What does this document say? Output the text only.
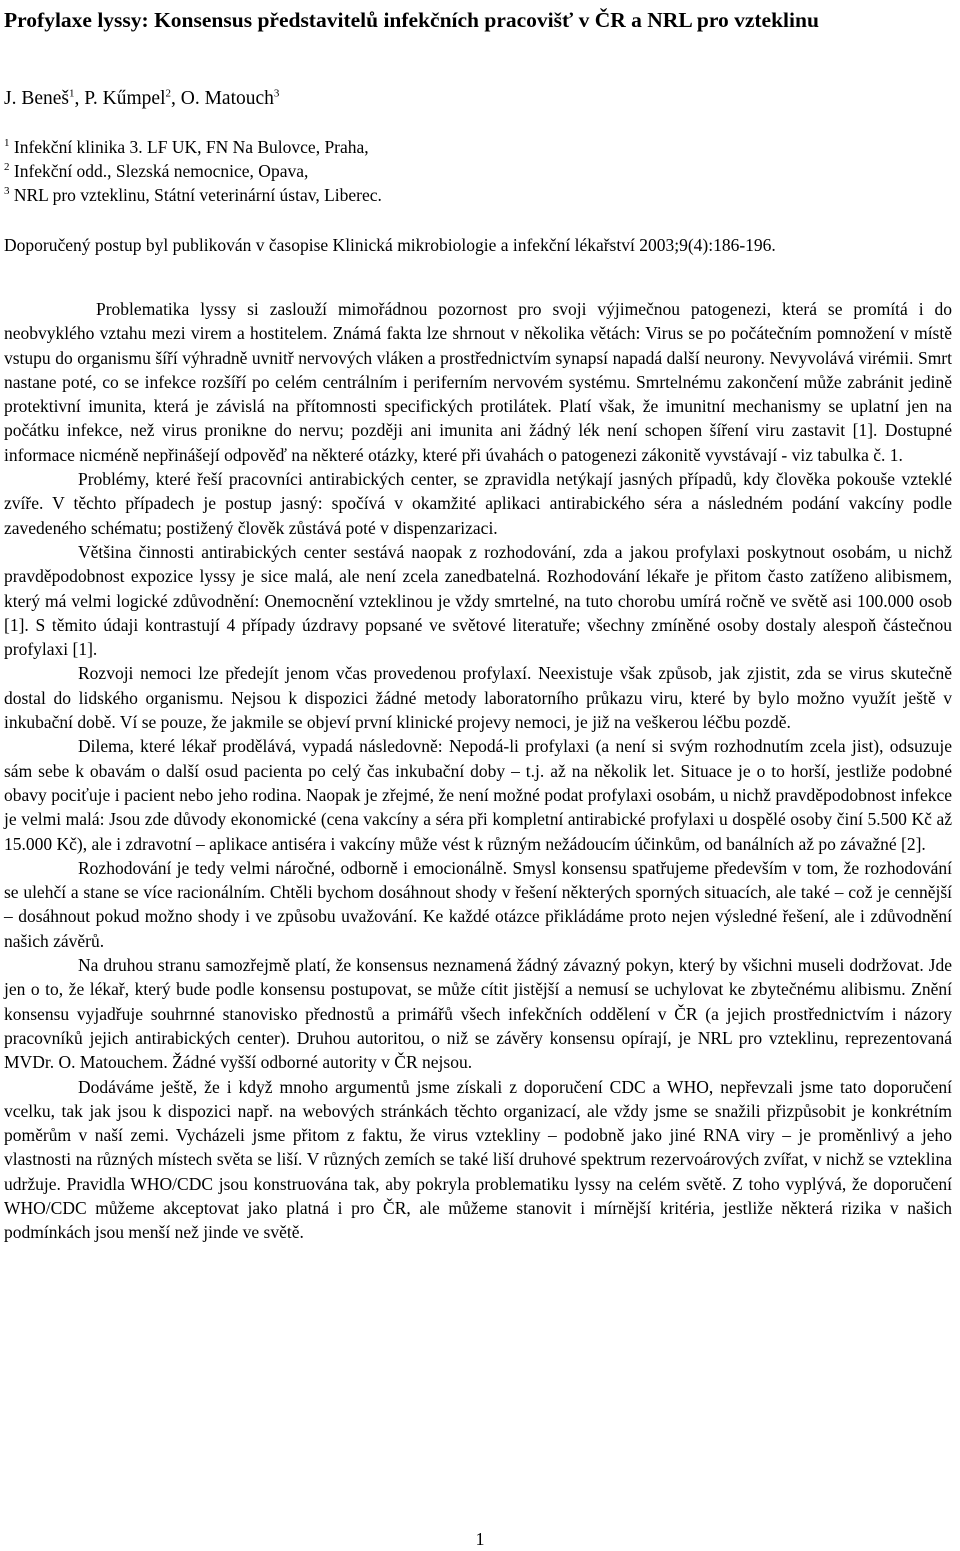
Profylaxe lyssy: Konsensus představitelů infekčních pracovišť v ČR a NRL pro vzteklinu
J. Beneš$^1$, P. Kűmpel$^2$, O. Matouch$^3$
$^1$ Infekční klinika 3. LF UK, FN Na Bulovce, Praha,
$^2$ Infekční odd., Slezská nemocnice, Opava,
$^3$ NRL pro vzteklinu, Státní veterinární ústav, Liberec.
Doporučený postup byl publikován v časopise Klinická mikrobiologie a infekční lékařství 2003;9(4):186-196.

Problematika lyssy si zaslouží mimořádnou pozornost pro svoji výjimečnou patogenezi, která se promítá i do neobvyklého vztahu mezi virem a hostitelem. Známá fakta lze shrnout v několika větách: Virus se po počátečním pomnožení v místě vstupu do organismu šíří výhradně uvnitř nervových vláken a prostřednictvím synapsí napadá další neurony. Nevyvolává virémii. Smrt nastane poté, co se infekce rozšíří po celém centrálním i periferním nervovém systému. Smrtelnému zakončení může zabránit jedině protektivní imunita, která je závislá na přítomnosti specifických protilátek. Platí však, že imunitní mechanismy se uplatní jen na počátku infekce, než virus pronikne do nervu; později ani imunita ani žádný lék není schopen šíření viru zastavit [1]. Dostupné informace nicméně nepřinášejí odpověď na některé otázky, které při úvahách o patogenezi zákonitě vyvstávají - viz tabulka č. 1.

Problémy, které řeší pracovníci antirabických center, se zpravidla netýkají jasných případů, kdy člověka pokouše vzteklé zvíře. V těchto případech je postup jasný: spočívá v okamžité aplikaci antirabického séra a následném podání vakcíny podle zavedeného schématu; postižený člověk zůstává poté v dispenzarizaci.

Většina činnosti antirabických center sestává naopak z rozhodování, zda a jakou profylaxi poskytnout osobám, u nichž pravděpodobnost expozice lyssy je sice malá, ale není zcela zanedbatelná. Rozhodování lékaře je přitom často zatíženo alibismem, který má velmi logické zdůvodnění: Onemocnění vzteklinou je vždy smrtelné, na tuto chorobu umírá ročně ve světě asi 100.000 osob [1]. S těmito údaji kontrastují 4 případy úzdravy popsané ve světové literatuře; všechny zmíněné osoby dostaly alespoň částečnou profylaxi [1].

Rozvoji nemoci lze předejít jenom včas provedenou profylaxí. Neexistuje však způsob, jak zjistit, zda se virus skutečně dostal do lidského organismu. Nejsou k dispozici žádné metody laboratorního průkazu viru, které by bylo možno využít ještě v inkubační době. Ví se pouze, že jakmile se objeví první klinické projevy nemoci, je již na veškerou léčbu pozdě.

Dilema, které lékař prodělává, vypadá následovně: Nepodá-li profylaxi (a není si svým rozhodnutím zcela jist), odsuzuje sám sebe k obavám o další osud pacienta po celý čas inkubační doby – t.j. až na několik let. Situace je o to horší, jestliže podobné obavy pociťuje i pacient nebo jeho rodina. Naopak je zřejmé, že není možné podat profylaxi osobám, u nichž pravděpodobnost infekce je velmi malá: Jsou zde důvody ekonomické (cena vakcíny a séra při kompletní antirabické profylaxi u dospělé osoby činí 5.500 Kč až 15.000 Kč), ale i zdravotní – aplikace antiséra i vakcíny může vést k různým nežádoucím účinkům, od banálních až po závažné [2].

Rozhodování je tedy velmi náročné, odborně i emocionálně. Smysl konsensu spatřujeme především v tom, že rozhodování se ulehčí a stane se více racionálním. Chtěli bychom dosáhnout shody v řešení některých sporných situacích, ale také – což je cennější – dosáhnout pokud možno shody i ve způsobu uvažování. Ke každé otázce přikládáme proto nejen výsledné řešení, ale i zdůvodnění našich závěrů.

Na druhou stranu samozřejmě platí, že konsensus neznamená žádný závazný pokyn, který by všichni museli dodržovat. Jde jen o to, že lékař, který bude podle konsensu postupovat, se může cítit jistější a nemusí se uchylovat ke zbytečnému alibismu. Znění konsensu vyjadřuje souhrnné stanovisko přednostů a primářů všech infekčních oddělení v ČR (a jejich prostřednictvím i názory pracovníků jejich antirabických center). Druhou autoritou, o niž se závěry konsensu opírají, je NRL pro vzteklinu, reprezentovaná MVDr. O. Matouchem. Žádné vyšší odborné autority v ČR nejsou.

Dodáváme ještě, že i když mnoho argumentů jsme získali z doporučení CDC a WHO, nepřevzali jsme tato doporučení vcelku, tak jak jsou k dispozici např. na webových stránkách těchto organizací, ale vždy jsme se snažili přizpůsobit je konkrétním poměrům v naší zemi. Vycházeli jsme přitom z faktu, že virus vztekliny – podobně jako jiné RNA viry – je proměnlivý a jeho vlastnosti na různých místech světa se liší. V různých zemích se také liší druhové spektrum rezervoárových zvířat, v nichž se vzteklina udržuje. Pravidla WHO/CDC jsou konstruována tak, aby pokryla problematiku lyssy na celém světě. Z toho vyplývá, že doporučení WHO/CDC můžeme akceptovat jako platná i pro ČR, ale můžeme stanovit i mírnější kritéria, jestliže některá rizika v našich podmínkách jsou menší než jinde ve světě.

1
